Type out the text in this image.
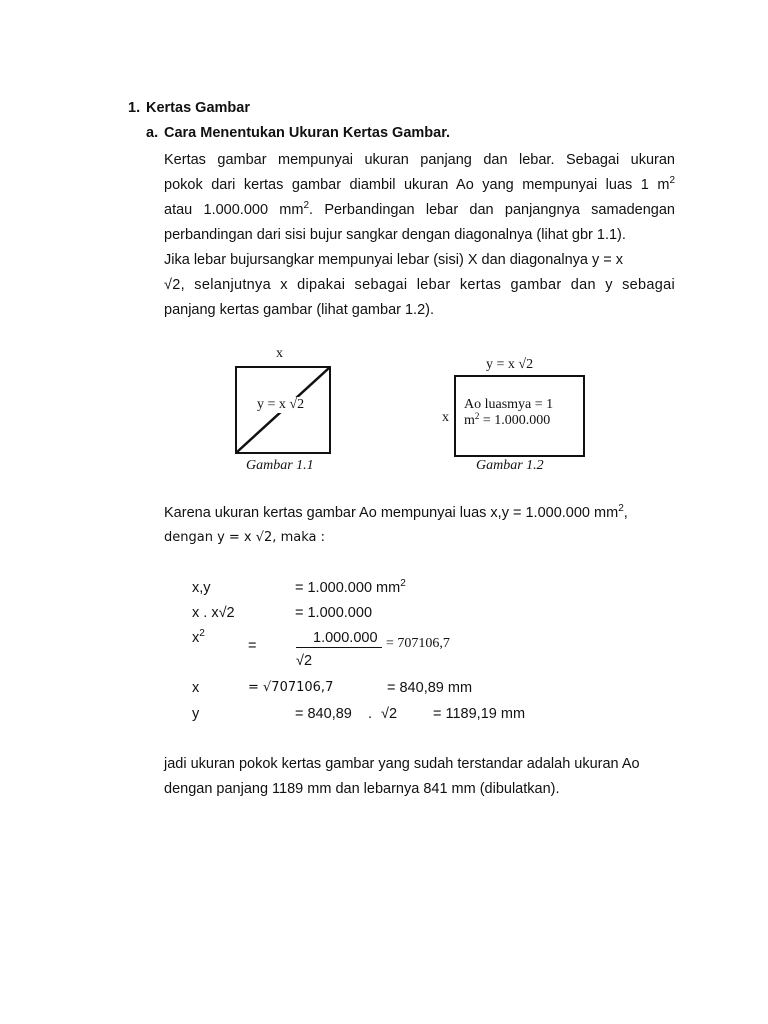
1. Kertas Gambar
a. Cara Menentukan Ukuran Kertas Gambar.
Kertas gambar mempunyai ukuran panjang dan lebar. Sebagai ukuran
pokok dari kertas gambar diambil ukuran Ao yang mempunyai luas 1 $m^2$
atau 1.000.000 $mm^2$. Perbandingan lebar dan panjangnya samadengan
perbandingan dari sisi bujur sangkar dengan diagonalnya (lihat gbr 1.1).
Jika lebar bujursangkar mempunyai lebar (sisi) X dan diagonalnya y = x
√2, selanjutnya x dipakai sebagai lebar kertas gambar dan y sebagai
panjang kertas gambar (lihat gambar 1.2).
x
y = x √2
Gambar 1.1
y = x √2
x
Ao luasmya = 1
$m^2 = 1.000.000$
Gambar 1.2
Karena ukuran kertas gambar Ao mempunyai luas x,y = 1.000.000 $mm^2$,
dengan y = x √2, maka :
x,y	= 1.000.000 $mm^2$
x . x√2	= 1.000.000
$x^2$
=	1.000.000 = 707106,7
√2
x	= √707106,7	= 840,89 mm
y	= 840,89 . √2 = 1189,19 mm
jadi ukuran pokok kertas gambar yang sudah terstandar adalah ukuran Ao
dengan panjang 1189 mm dan lebarnya 841 mm (dibulatkan).
